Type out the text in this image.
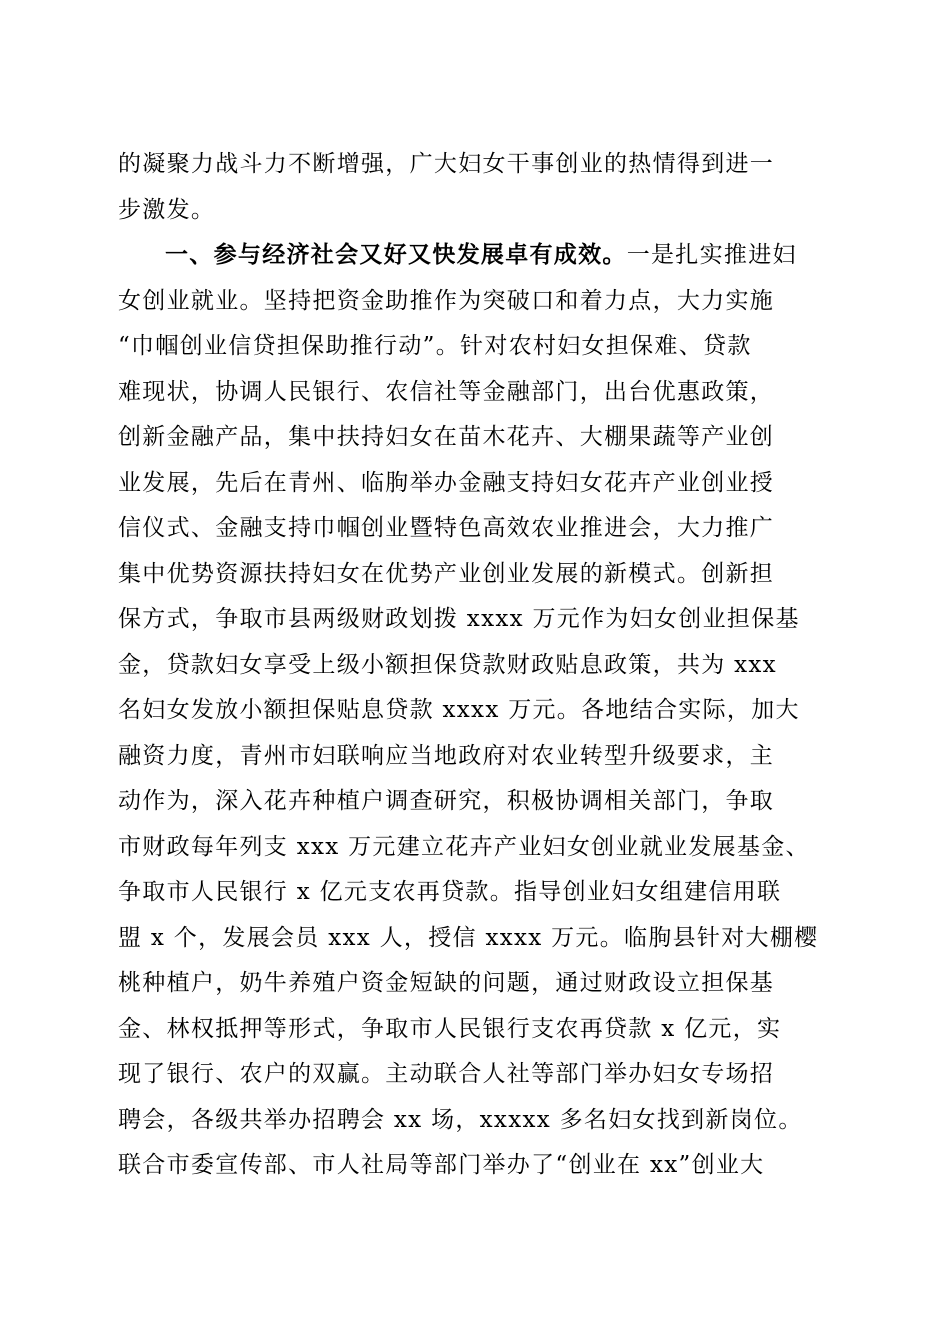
的凝聚力战斗力不断增强，广大妇女干事创业的热情得到进一
步激发。
一、参与经济社会又好又快发展卓有成效。一是扎实推进妇
女创业就业。坚持把资金助推作为突破口和着力点，大力实施
“巾帼创业信贷担保助推行动”。针对农村妇女担保难、贷款
难现状，协调人民银行、农信社等金融部门，出台优惠政策，
创新金融产品，集中扶持妇女在苗木花卉、大棚果蔬等产业创
业发展，先后在青州、临朐举办金融支持妇女花卉产业创业授
信仪式、金融支持巾帼创业暨特色高效农业推进会，大力推广
集中优势资源扶持妇女在优势产业创业发展的新模式。创新担
保方式，争取市县两级财政划拨 xxxx 万元作为妇女创业担保基
金，贷款妇女享受上级小额担保贷款财政贴息政策，共为 xxx
名妇女发放小额担保贴息贷款 xxxx 万元。各地结合实际，加大
融资力度，青州市妇联响应当地政府对农业转型升级要求，主
动作为，深入花卉种植户调查研究，积极协调相关部门，争取
市财政每年列支 xxx 万元建立花卉产业妇女创业就业发展基金、
争取市人民银行 x 亿元支农再贷款。指导创业妇女组建信用联
盟 x 个，发展会员 xxx 人，授信 xxxx 万元。临朐县针对大棚樱
桃种植户，奶牛养殖户资金短缺的问题，通过财政设立担保基
金、林权抵押等形式，争取市人民银行支农再贷款 x 亿元，实
现了银行、农户的双赢。主动联合人社等部门举办妇女专场招
聘会，各级共举办招聘会 xx 场，xxxxx 多名妇女找到新岗位。
联合市委宣传部、市人社局等部门举办了“创业在 xx”创业大
